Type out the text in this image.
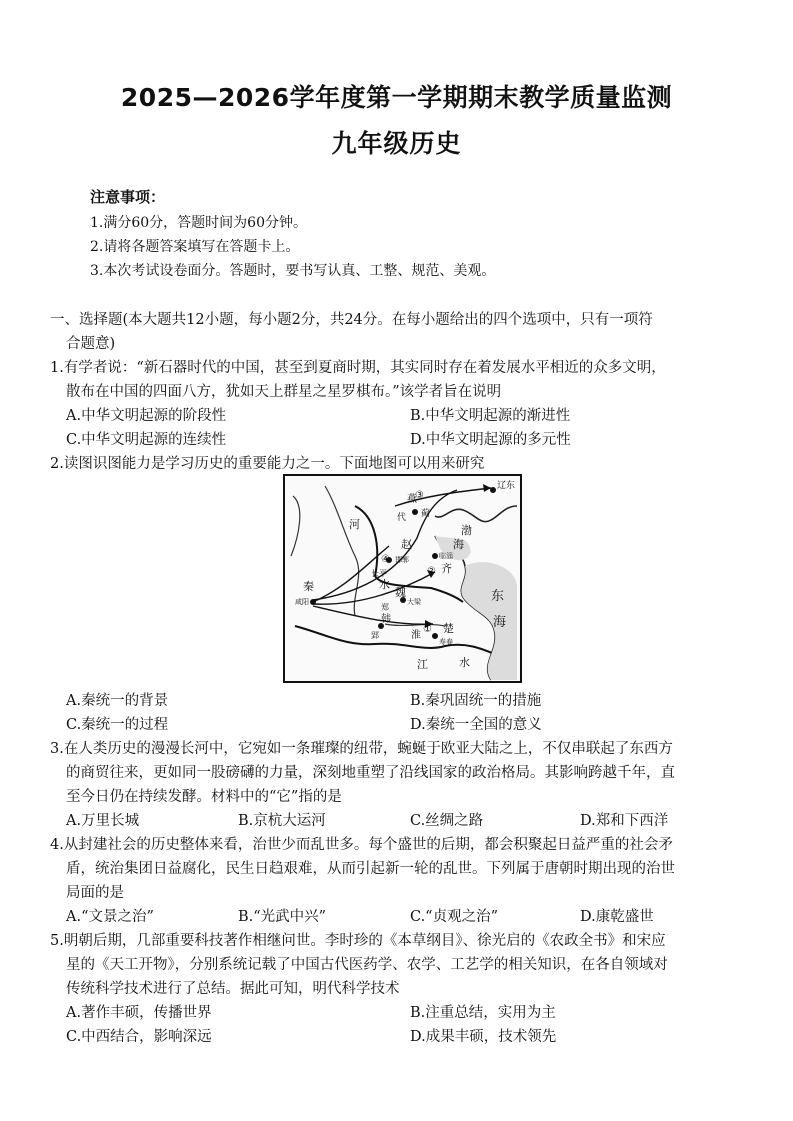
2025—2026学年度第一学期期末教学质量监测
九年级历史
注意事项：
1.满分60分，答题时间为60分钟。
2.请将各题答案填写在答题卡上。
3.本次考试设卷面分。答题时，要书写认真、工整、规范、美观。
一、选择题(本大题共12小题，每小题2分，共24分。在每小题给出的四个选项中，只有一项符
合题意)
1.有学者说：“新石器时代的中国，甚至到夏商时期，其实同时存在着发展水平相近的众多文明，
散布在中国的四面八方，犹如天上群星之星罗棋布。”该学者旨在说明
A.中华文明起源的阶段性	B.中华文明起源的渐进性
C.中华文明起源的连续性	D.中华文明起源的多元性
2.读图识图能力是学习历史的重要能力之一。下面地图可以用来研究
辽东
燕
代 蓟
渤
海
河
赵
邯郸	临淄
齐
长平
秦
咸阳
水
魏
大梁
郑
韩
郢
楚
寿春
淮
江	水
东
海
③
④
②
①
A.秦统一的背景	B.秦巩固统一的措施
C.秦统一的过程	D.秦统一全国的意义
3.在人类历史的漫漫长河中，它宛如一条璀璨的纽带，蜿蜒于欧亚大陆之上，不仅串联起了东西方
的商贸往来，更如同一股磅礴的力量，深刻地重塑了沿线国家的政治格局。其影响跨越千年，直
至今日仍在持续发酵。材料中的“它”指的是
A.万里长城	B.京杭大运河	C.丝绸之路	D.郑和下西洋
4.从封建社会的历史整体来看，治世少而乱世多。每个盛世的后期，都会积聚起日益严重的社会矛
盾，统治集团日益腐化，民生日趋艰难，从而引起新一轮的乱世。下列属于唐朝时期出现的治世
局面的是
A.“文景之治”	B.“光武中兴”	C.“贞观之治”	D.康乾盛世
5.明朝后期，几部重要科技著作相继问世。李时珍的《本草纲目》、徐光启的《农政全书》和宋应
星的《天工开物》，分别系统记载了中国古代医药学、农学、工艺学的相关知识，在各自领域对
传统科学技术进行了总结。据此可知，明代科学技术
A.著作丰硕，传播世界	B.注重总结，实用为主
C.中西结合，影响深远	D.成果丰硕，技术领先
